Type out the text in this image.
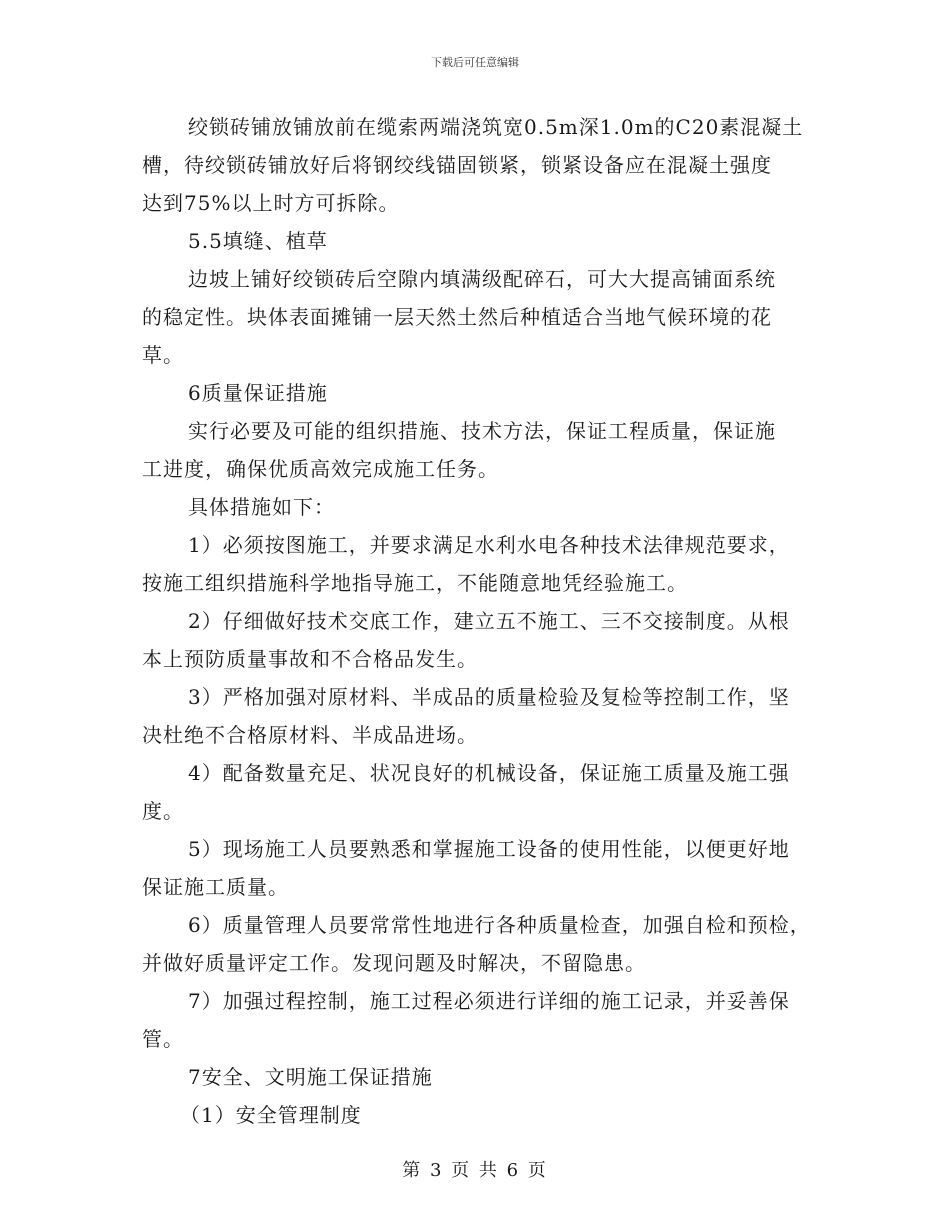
下载后可任意编辑
绞锁砖铺放铺放前在缆索两端浇筑宽0.5m深1.0m的C20素混凝土
槽，待绞锁砖铺放好后将钢绞线锚固锁紧，锁紧设备应在混凝土强度
达到75%以上时方可拆除。
5.5填缝、植草
边坡上铺好绞锁砖后空隙内填满级配碎石，可大大提高铺面系统
的稳定性。块体表面摊铺一层天然土然后种植适合当地气候环境的花
草。
6质量保证措施
实行必要及可能的组织措施、技术方法，保证工程质量，保证施
工进度，确保优质高效完成施工任务。
具体措施如下：
1）必须按图施工，并要求满足水利水电各种技术法律规范要求，
按施工组织措施科学地指导施工，不能随意地凭经验施工。
2）仔细做好技术交底工作，建立五不施工、三不交接制度。从根
本上预防质量事故和不合格品发生。
3）严格加强对原材料、半成品的质量检验及复检等控制工作，坚
决杜绝不合格原材料、半成品进场。
4）配备数量充足、状况良好的机械设备，保证施工质量及施工强
度。
5）现场施工人员要熟悉和掌握施工设备的使用性能，以便更好地
保证施工质量。
6）质量管理人员要常常性地进行各种质量检查，加强自检和预检，
并做好质量评定工作。发现问题及时解决，不留隐患。
7）加强过程控制，施工过程必须进行详细的施工记录，并妥善保
管。
7安全、文明施工保证措施
（1）安全管理制度
第 3 页 共 6 页
